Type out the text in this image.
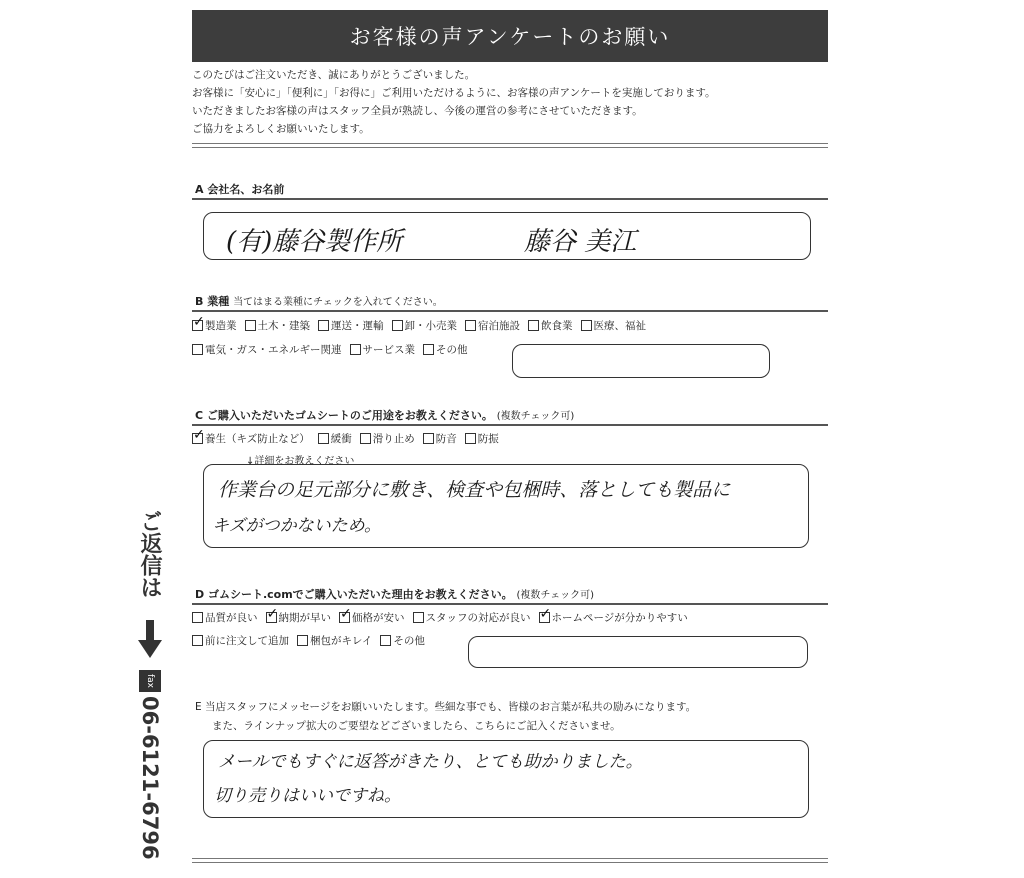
お客様の声アンケートのお願い
このたびはご注文いただき、誠にありがとうございました。
お客様に「安心に」「便利に」「お得に」ご利用いただけるように、お客様の声アンケートを実施しております。
いただきましたお客様の声はスタッフ全員が熟読し、今後の運営の参考にさせていただきます。
ご協力をよろしくお願いいたします。
A 会社名、お名前
(有)藤谷製作所	藤谷 美江
B 業種 当てはまる業種にチェックを入れてください。
✓
製造業 土木・建築 運送・運輸 卸・小売業 宿泊施設 飲食業 医療、福祉
電気・ガス・エネルギー関連 サービス業 その他
C ご購入いただいたゴムシートのご用途をお教えください。 (複数チェック可)
✓
養生（キズ防止など） 緩衝 滑り止め 防音 防振
↓詳細をお教えください
作業台の足元部分に敷き、検査や包梱時、落としても製品に
キズがつかないため。
D ゴムシート.comでご購入いただいた理由をお教えください。 (複数チェック可)
品質が良い ✓ 納期が早い ✓ 価格が安い スタッフの対応が良い ✓ ホームページが分かりやすい
前に注文して追加 梱包がキレイ その他
E 当店スタッフにメッセージをお願いいたします。些細な事でも、皆様のお言葉が私共の励みになります。
また、ラインナップ拡大のご要望などございましたら、こちらにご記入くださいませ。
メールでもすぐに返答がきたり、とても助かりました。
切り売りはいいですね。
ご返信は
fax
06-6121-6796
